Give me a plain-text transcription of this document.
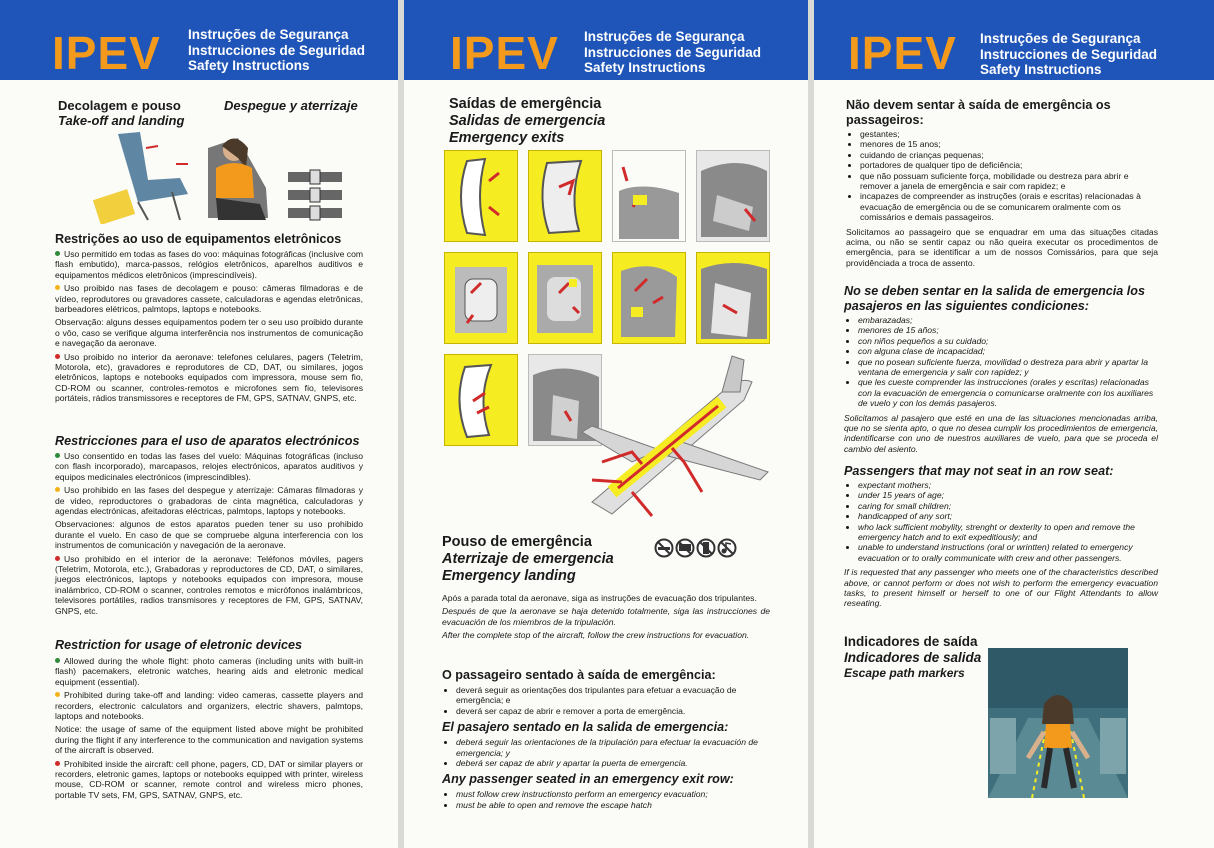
IPEV Instruções de Segurança
Instrucciones de Seguridad
Safety Instructions
Decolagem e pouso
Take-off and landing
Despegue y aterrizaje
Restrições ao uso de equipamentos eletrônicos

Uso permitido em todas as fases do voo: máquinas fotográficas (inclusive com flash embutido), marca-passos, relógios eletrônicos, aparelhos auditivos e equipamentos médicos eletrônicos (imprescindíveis).

Uso proibido nas fases de decolagem e pouso: câmeras filmadoras e de vídeo, reprodutores ou gravadores cassete, calculadoras e agendas eletrônicas, barbeadores elétricos, palmtops, laptops e notebooks.

Observação: alguns desses equipamentos podem ter o seu uso proibido durante o vôo, caso se verifique alguma interferência nos instrumentos de comunicação e navegação da aeronave.

Uso proibido no interior da aeronave: telefones celulares, pagers (Teletrim, Motorola, etc), gravadores e reprodutores de CD, DAT, ou similares, jogos eletrônicos, laptops e notebooks equipados com impressora, mouse sem fio, CD-ROM ou scanner, controles-remotos e microfones sem fio, televisores portáteis, rádios transmissores e receptores de FM, GPS, SATNAV, GNPS, etc.

Restricciones para el uso de aparatos electrónicos

Uso consentido en todas las fases del vuelo: Máquinas fotográficas (incluso con flash incorporado), marcapasos, relojes electrónicos, aparatos auditivos y equipos medicinales electrónicos (imprescindibles).

Uso prohibido en las fases del despegue y aterrizaje: Cámaras filmadoras y de video, reproductores o grabadoras de cinta magnética, calculadoras y agendas electrónicas, afeitadoras eléctricas, palmtops, laptops y notebooks.

Observaciones: algunos de estos aparatos pueden tener su uso prohibido durante el vuelo. En caso de que se compruebe alguna interferencia con los instrumentos de comunicación y navegación de la aeronave.

Uso prohibido en el interior de la aeronave: Teléfonos móviles, pagers (Teletrim, Motorola, etc.), Grabadoras y reproductores de CD, DAT, o similares, juegos electrónicos, laptops y notebooks equipados con impresora, mouse inalámbrico, CD-ROM o scanner, controles remotos e micrófonos inalámbricos, televisores portátiles, radios transmisores y receptores de FM, GPS, SATNAV, GNPS, etc.

Restriction for usage of eletronic devices

Allowed during the whole flight: photo cameras (including units with built-in flash) pacemakers, eletronic watches, hearing aids and eletronic medical equipment (essential).

Prohibited during take-off and landing: video cameras, cassette players and recorders, electronic calculators and organizers, electric shavers, palmtops, laptops and notebooks.

Notice: the usage of same of the equipment listed above might be prohibited during the flight if any interference to the communication and navigation systems of the aircraft is observed.

Prohibited inside the aircraft: cell phone, pagers, CD, DAT or similar players or recorders, eletronic games, laptops or notebooks equipped with printer, wireless mouse, CD-ROM or scanner, remote control and wireless micro phones, portable TV sets, FM, GPS, SATNAV, GNPS, etc.

IPEV Instruções de Segurança
Instrucciones de Seguridad
Safety Instructions
Saídas de emergência
Salidas de emergencia
Emergency exits
Pouso de emergência
Aterrizaje de emergencia
Emergency landing

Após a parada total da aeronave, siga as instruções de evacuação dos tripulantes.

Después de que la aeronave se haja detenido totalmente, siga las instrucciones de evacuación de los miembros de la tripulación.

After the complete stop of the aircraft, follow the crew instructions for evacuation.

O passageiro sentado à saída de emergência:
• deverá seguir as orientações dos tripulantes para efetuar a evacuação de emergência; e
• deverá ser capaz de abrir e remover a porta de emergência.
El pasajero sentado en la salida de emergencia:
• deberá seguir las orientaciones de la tripulación para efectuar la evacuación de emergencia; y
• deberá ser capaz de abrir y apartar la puerta de emergencia.
Any passenger seated in an emergency exit row:
• must follow crew instructionsto perform an emergency evacuation;
• must be able to open and remove the escape hatch
IPEV Instruções de Segurança
Instrucciones de Seguridad
Safety Instructions
Não devem sentar à saída de emergência os passageiros:
• gestantes;
• menores de 15 anos;
• cuidando de crianças pequenas;
• portadores de qualquer tipo de deficiência;
• que não possuam suficiente força, mobilidade ou destreza para abrir e remover a janela de emergência e sair com rapidez; e
• incapazes de compreender as instruções (orais e escritas) relacionadas à evacuação de emergência ou de se comunicarem oralmente com os comissários e demais passageiros.
Solicitamos ao passageiro que se enquadrar em uma das situações citadas acima, ou não se sentir capaz ou não queira executar os procedimentos de emergência, para se identificar a um de nossos Comissários, para que seja providênciada a troca de assento.
No se deben sentar en la salida de emergencia los pasajeros en las siguientes condiciones:
• embarazadas;
• menores de 15 años;
• con niños pequeños a su cuidado;
• con alguna clase de incapacidad;
• que no posean suficiente fuerza, movilidad o destreza para abrir y apartar la ventana de emergencia y salir con rapidez; y
• que les cueste comprender las instrucciones (orales y escritas) relacionadas con la evacuación de emergencia o comunicarse oralmente con los auxiliares de vuelo y con los demás pasajeros.
Solicitamos al pasajero que esté en una de las situaciones mencionadas arriba, que no se sienta apto, o que no desea cumplir los procedimientos de emergencia, indentificarse con uno de nuestros auxiliares de vuelo, para que se proceda el cambio del asiento.
Passengers that may not seat in an row seat:
• expectant mothers;
• under 15 years of age;
• caring for small children;
• handicapped of any sort;
• who lack sufficient mobylity, strenght or dexterity to open and remove the emergency hatch and to exit expeditiously; and
• unable to understand instructions (oral or wrintten) related to emergency evacuation or to orally communicate with crew and other passengers.
If is requested that any passenger who meets one of the characteristics described above, or cannot perform or does not wish to perform the emergency evacuation tasks, to present himself or herself to one of our Flight Attendants to allow reseating.
Indicadores de saída
Indicadores de salida
Escape path markers
